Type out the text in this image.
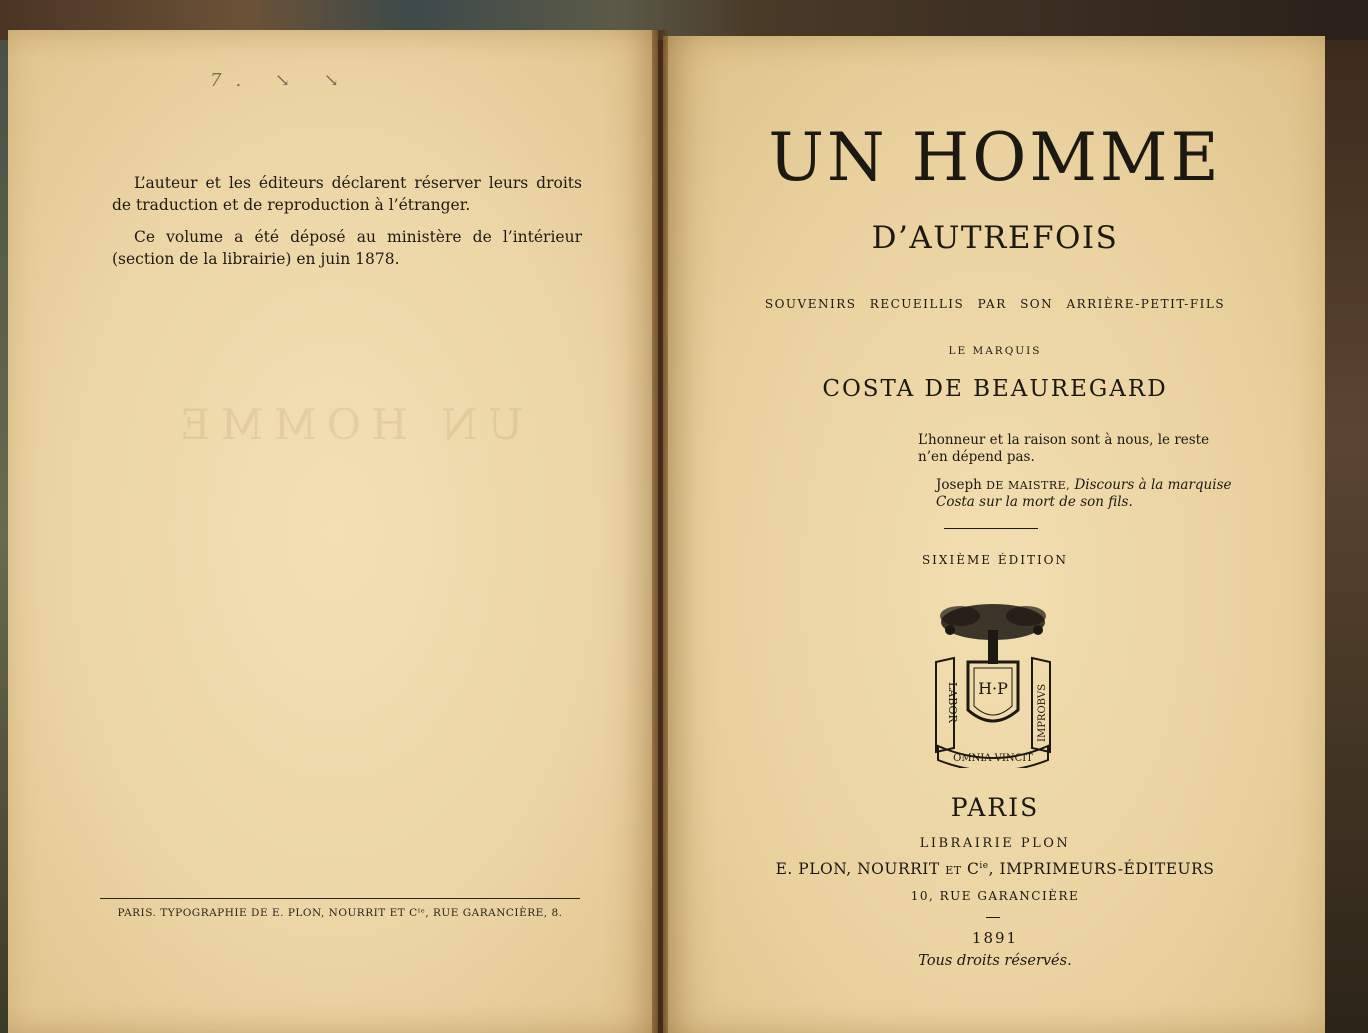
7. ↘ ↘
UN HOMME

L’auteur et les éditeurs déclarent réserver leurs droits de traduction et de reproduction à l’étranger.

Ce volume a été déposé au ministère de l’intérieur (section de la librairie) en juin 1878.

PARIS. TYPOGRAPHIE DE E. PLON, NOURRIT ET Cᴵᵉ, RUE GARANCIÈRE, 8.
UN HOMME
D’AUTREFOIS
SOUVENIRS RECUEILLIS PAR SON ARRIÈRE-PETIT-FILS
LE MARQUIS
COSTA DE BEAUREGARD
L’honneur et la raison sont à nous, le reste n’en dépend pas.
Joseph DE MAISTRE, Discours à la marquise Costa sur la mort de son fils.
SIXIÈME ÉDITION
H·P
LABOR	IMPROBVS
OMNIA VINCIT
PARIS
LIBRAIRIE PLON
E. PLON, NOURRIT ET $C^{ie}$, IMPRIMEURS-ÉDITEURS
10, RUE GARANCIÈRE
1891
Tous droits réservés.
